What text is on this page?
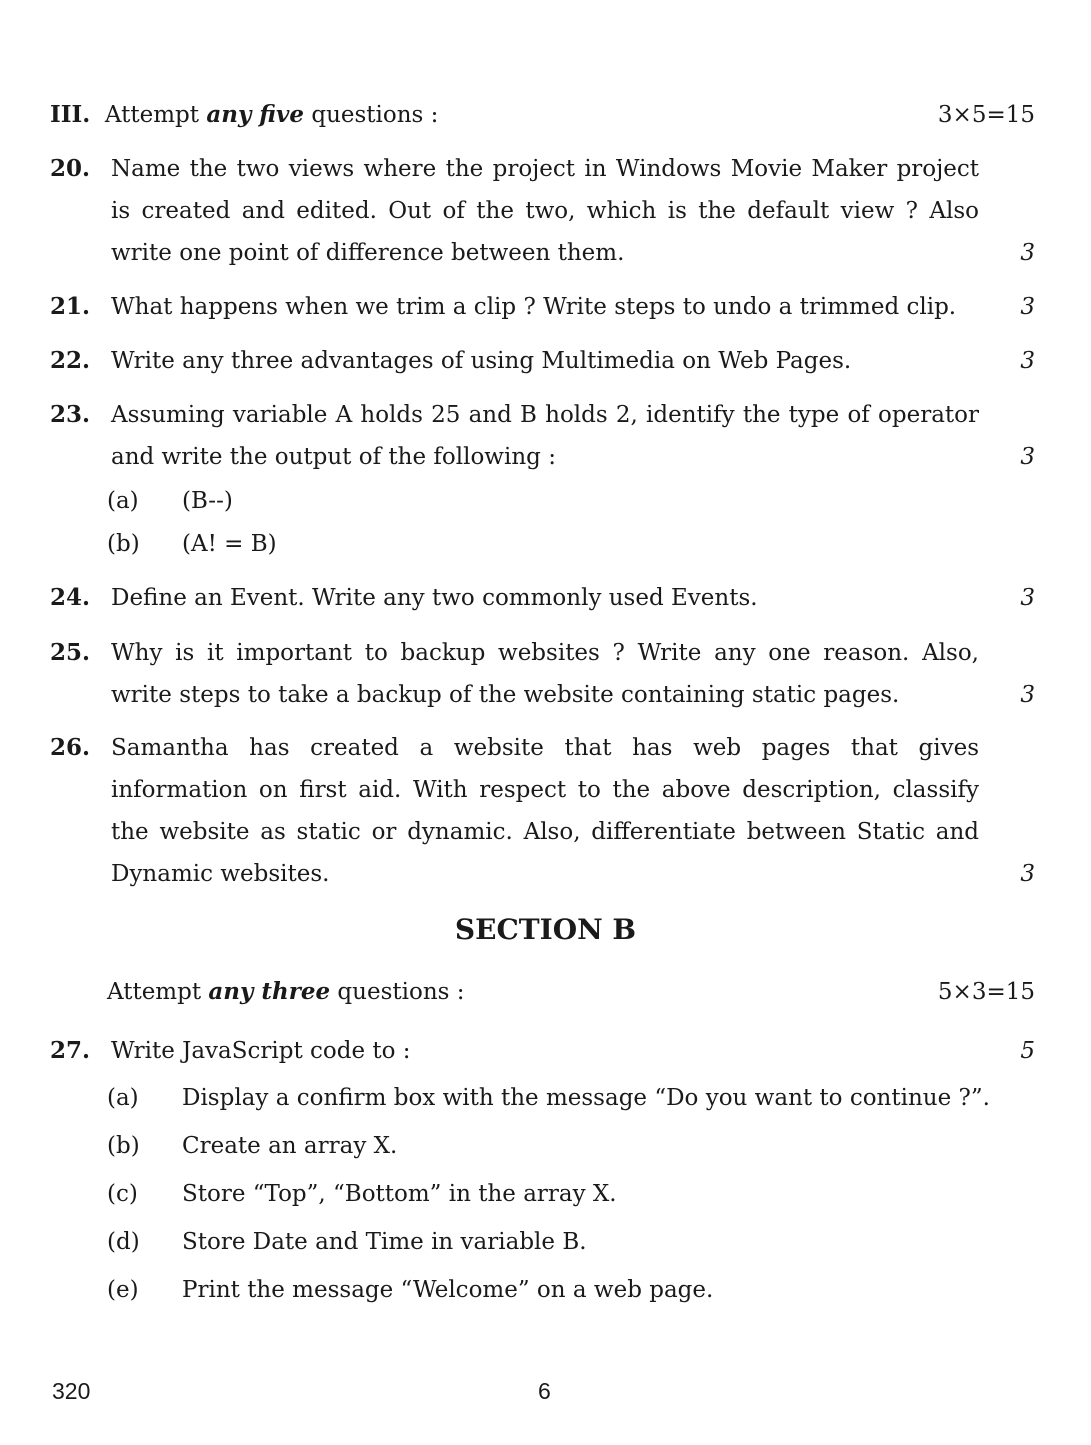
III. Attempt any five questions :	3×5=15
20. Name the two views where the project in Windows Movie Maker project is created and edited. Out of the two, which is the default view ? Also write one point of difference between them.	3
21. What happens when we trim a clip ? Write steps to undo a trimmed clip.	3
22. Write any three advantages of using Multimedia on Web Pages.	3
23. Assuming variable A holds 25 and B holds 2, identify the type of operator and write the output of the following :	3
(a) (B--)
(b) (A! = B)
24. Define an Event. Write any two commonly used Events.	3
25. Why is it important to backup websites ? Write any one reason. Also, write steps to take a backup of the website containing static pages.	3
26. Samantha has created a website that has web pages that gives information on first aid. With respect to the above description, classify the website as static or dynamic. Also, differentiate between Static and Dynamic websites.	3
SECTION B
Attempt any three questions :	5×3=15
27. Write JavaScript code to :	5
(a) Display a confirm box with the message “Do you want to continue ?”.
(b) Create an array X.
(c) Store “Top”, “Bottom” in the array X.
(d) Store Date and Time in variable B.
(e) Print the message “Welcome” on a web page.
320	6
